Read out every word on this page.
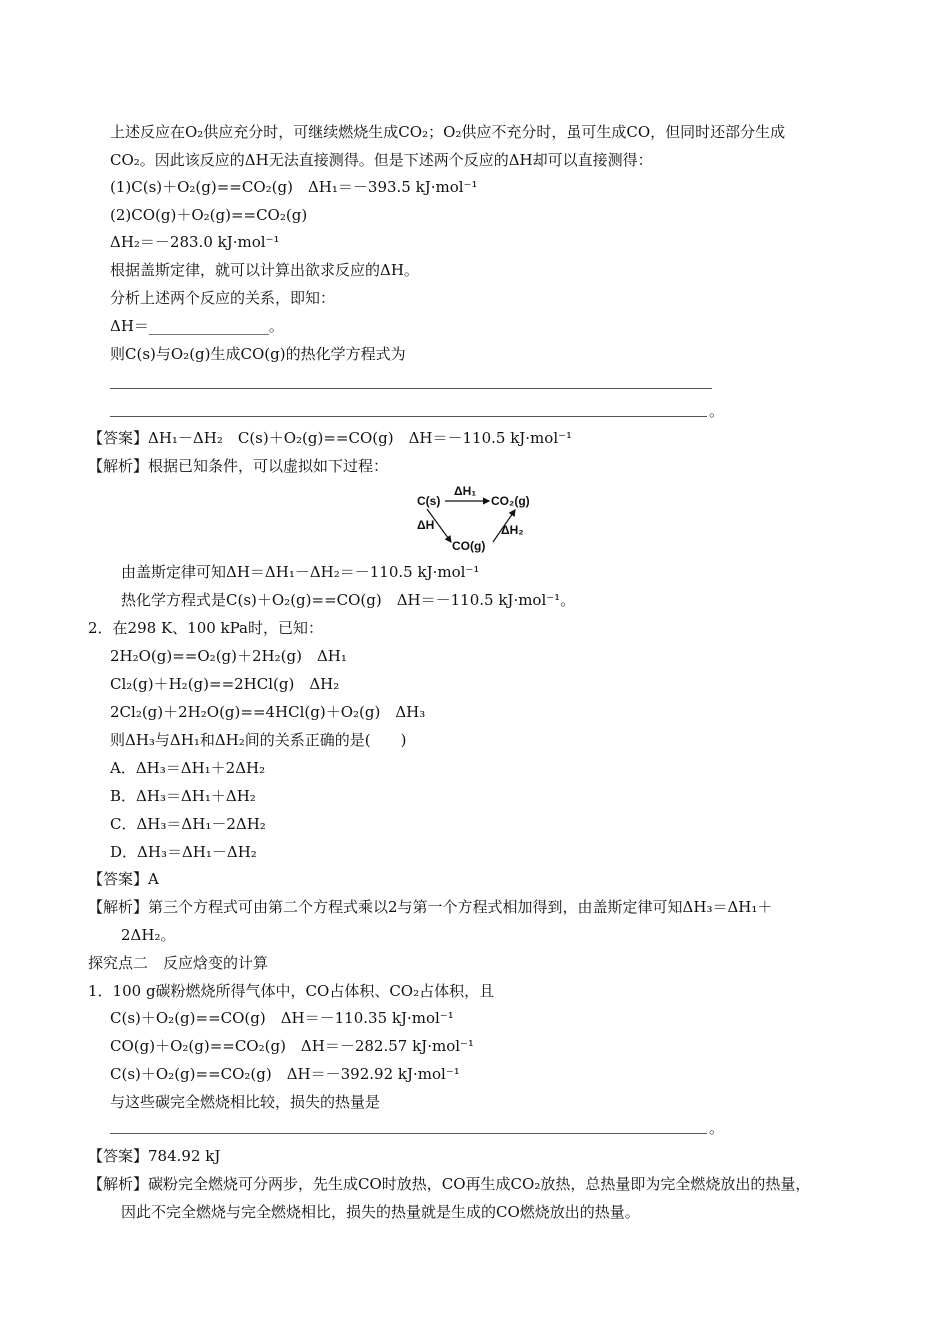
上述反应在O₂供应充分时，可继续燃烧生成CO₂；O₂供应不充分时，虽可生成CO，但同时还部分生成
CO₂。因此该反应的ΔH无法直接测得。但是下述两个反应的ΔH却可以直接测得：
(1)C(s)＋O₂(g)==CO₂(g)　ΔH₁＝－393.5 kJ·mol⁻¹
(2)CO(g)＋O₂(g)==CO₂(g)
ΔH₂＝－283.0 kJ·mol⁻¹
根据盖斯定律，就可以计算出欲求反应的ΔH。
分析上述两个反应的关系，即知：
ΔH＝________________。
则C(s)与O₂(g)生成CO(g)的热化学方程式为
。
【答案】ΔH₁－ΔH₂　C(s)＋O₂(g)==CO(g)　ΔH＝－110.5 kJ·mol⁻¹
【解析】根据已知条件，可以虚拟如下过程：
C(s)	CO₂(g)
CO(g)
ΔH₁
ΔH	ΔH₂
由盖斯定律可知ΔH＝ΔH₁－ΔH₂＝－110.5 kJ·mol⁻¹
热化学方程式是C(s)＋O₂(g)==CO(g)　ΔH＝－110.5 kJ·mol⁻¹。
2．在298 K、100 kPa时，已知：
2H₂O(g)==O₂(g)＋2H₂(g)　ΔH₁
Cl₂(g)＋H₂(g)==2HCl(g)　ΔH₂
2Cl₂(g)＋2H₂O(g)==4HCl(g)＋O₂(g)　ΔH₃
则ΔH₃与ΔH₁和ΔH₂间的关系正确的是(　　)
A．ΔH₃＝ΔH₁＋2ΔH₂
B．ΔH₃＝ΔH₁＋ΔH₂
C．ΔH₃＝ΔH₁－2ΔH₂
D．ΔH₃＝ΔH₁－ΔH₂
【答案】A
【解析】第三个方程式可由第二个方程式乘以2与第一个方程式相加得到，由盖斯定律可知ΔH₃＝ΔH₁＋
2ΔH₂。
探究点二　反应焓变的计算
1．100 g碳粉燃烧所得气体中，CO占体积、CO₂占体积，且
C(s)＋O₂(g)==CO(g)　ΔH＝－110.35 kJ·mol⁻¹
CO(g)＋O₂(g)==CO₂(g)　ΔH＝－282.57 kJ·mol⁻¹
C(s)＋O₂(g)==CO₂(g)　ΔH＝－392.92 kJ·mol⁻¹
与这些碳完全燃烧相比较，损失的热量是
。
【答案】784.92 kJ
【解析】碳粉完全燃烧可分两步，先生成CO时放热，CO再生成CO₂放热，总热量即为完全燃烧放出的热量，
因此不完全燃烧与完全燃烧相比，损失的热量就是生成的CO燃烧放出的热量。
